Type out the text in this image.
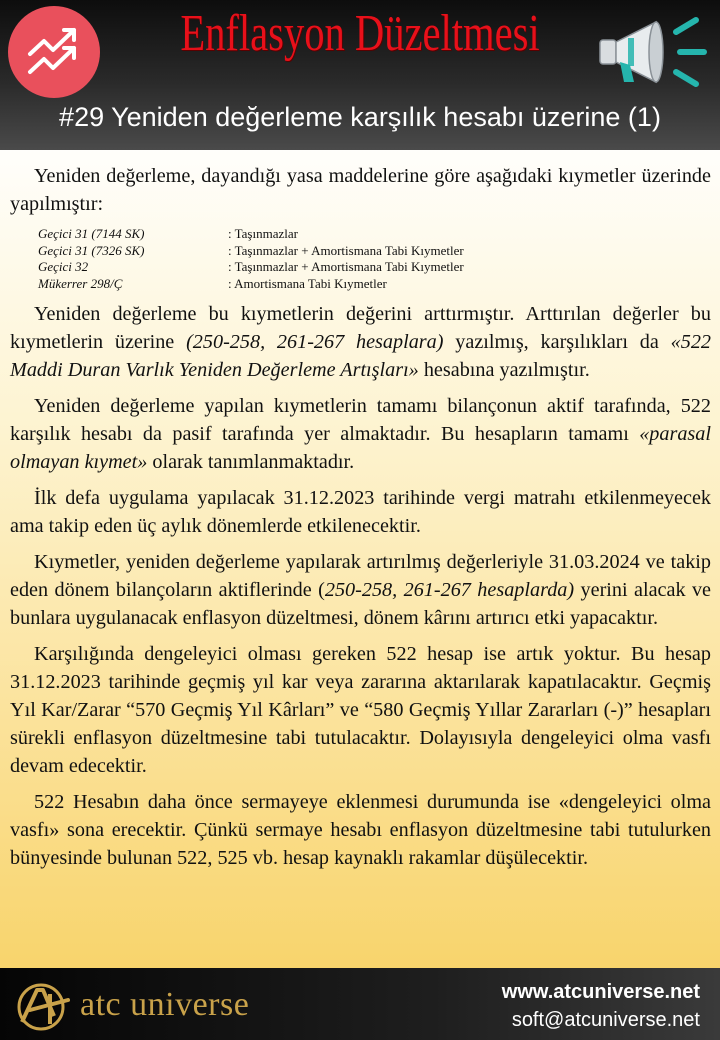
Enflasyon Düzeltmesi
#29 Yeniden değerleme karşılık hesabı üzerine (1)

Yeniden değerleme, dayandığı yasa maddelerine göre aşağıdaki kıymetler üzerinde yapılmıştır:

Geçici 31 (7144 SK)	: Taşınmazlar
Geçici 31 (7326 SK)	: Taşınmazlar + Amortismana Tabi Kıymetler
Geçici 32	: Taşınmazlar + Amortismana Tabi Kıymetler
Mükerrer 298/Ç	: Amortismana Tabi Kıymetler

Yeniden değerleme bu kıymetlerin değerini arttırmıştır. Arttırılan değerler bu kıymetlerin üzerine (250-258, 261-267 hesaplara) yazılmış, karşılıkları da «522 Maddi Duran Varlık Yeniden Değerleme Artışları» hesabına yazılmıştır.

Yeniden değerleme yapılan kıymetlerin tamamı bilançonun aktif tarafında, 522 karşılık hesabı da pasif tarafında yer almaktadır. Bu hesapların tamamı «parasal olmayan kıymet» olarak tanımlanmaktadır.

İlk defa uygulama yapılacak 31.12.2023 tarihinde vergi matrahı etkilenmeyecek ama takip eden üç aylık dönemlerde etkilenecektir.

Kıymetler, yeniden değerleme yapılarak artırılmış değerleriyle 31.03.2024 ve takip eden dönem bilançoların aktiflerinde (250-258, 261-267 hesaplarda) yerini alacak ve bunlara uygulanacak enflasyon düzeltmesi, dönem kârını artırıcı etki yapacaktır.

Karşılığında dengeleyici olması gereken 522 hesap ise artık yoktur. Bu hesap 31.12.2023 tarihinde geçmiş yıl kar veya zararına aktarılarak kapatılacaktır. Geçmiş Yıl Kar/Zarar “570 Geçmiş Yıl Kârları” ve “580 Geçmiş Yıllar Zararları (-)” hesapları sürekli enflasyon düzeltmesine tabi tutulacaktır. Dolayısıyla dengeleyici olma vasfı devam edecektir.

522 Hesabın daha önce sermayeye eklenmesi durumunda ise «dengeleyici olma vasfı» sona erecektir. Çünkü sermaye hesabı enflasyon düzeltmesine tabi tutulurken bünyesinde bulunan 522, 525 vb. hesap kaynaklı rakamlar düşülecektir.

atc universe	www.atcuniverse.net
soft@atcuniverse.net
